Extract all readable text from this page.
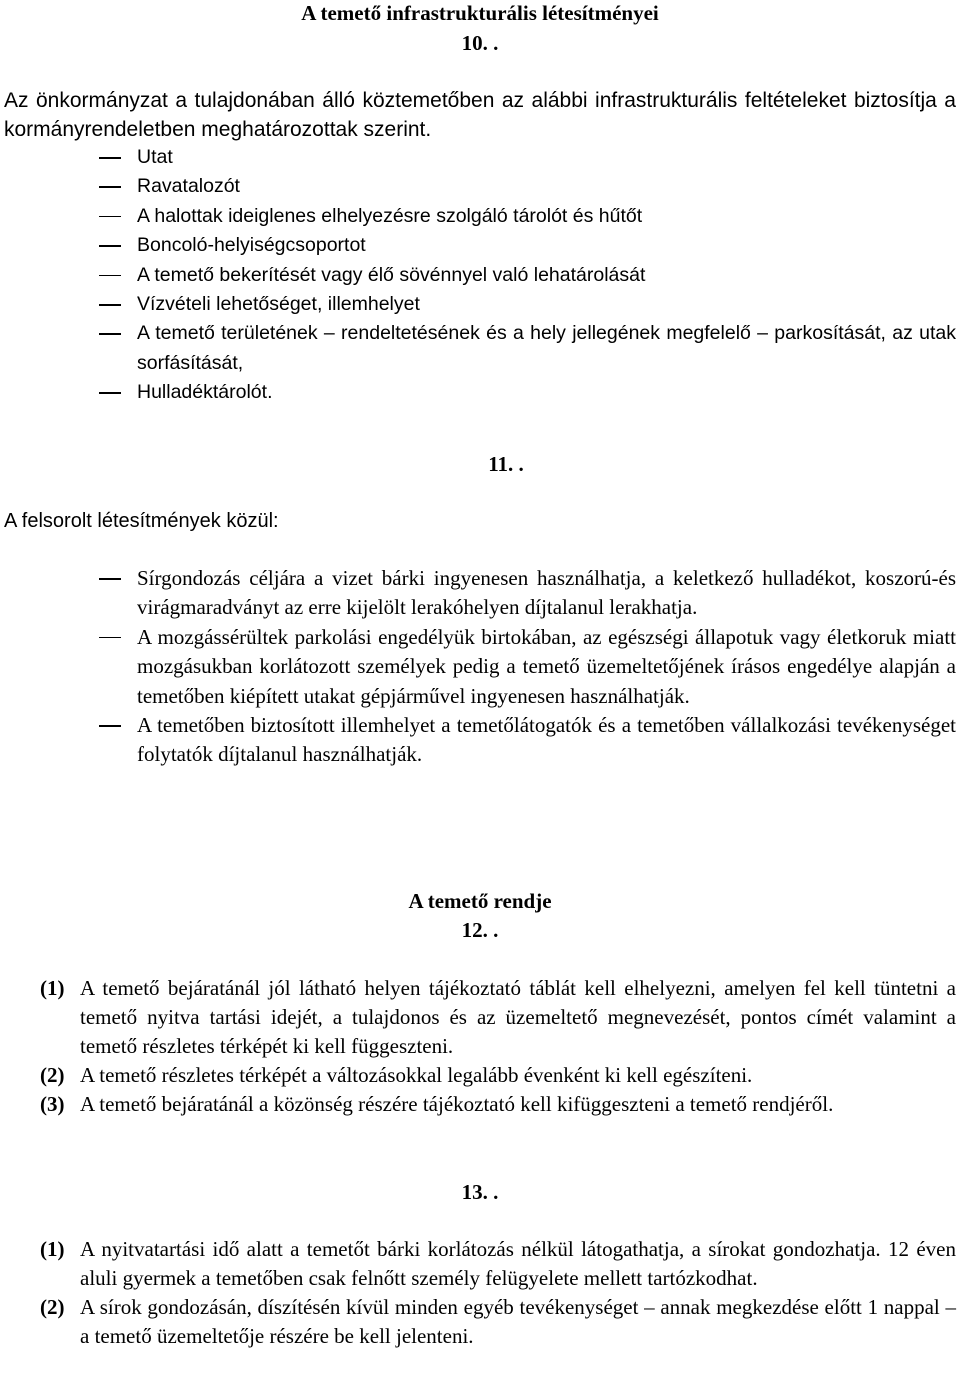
A temető infrastrukturális létesítményei
10. .

Az önkormányzat a tulajdonában álló köztemetőben az alábbi infrastrukturális feltételeket biztosítja a kormányrendeletben meghatározottak szerint.

Utat
Ravatalozót
A halottak ideiglenes elhelyezésre szolgáló tárolót és hűtőt
Boncoló-helyiségcsoportot
A temető bekerítését vagy élő sövénnyel való lehatárolását
Vízvételi lehetőséget, illemhelyet
A temető területének – rendeltetésének és a hely jellegének megfelelő – parkosítását, az utak sorfásítását,
Hulladéktárolót.
11. .

A felsorolt létesítmények közül:

Sírgondozás céljára a vizet bárki ingyenesen használhatja, a keletkező hulladékot, koszorú-és virágmaradványt az erre kijelölt lerakóhelyen díjtalanul lerakhatja.
A mozgássérültek parkolási engedélyük birtokában, az egészségi állapotuk vagy életkoruk miatt mozgásukban korlátozott személyek pedig a temető üzemeltetőjének írásos engedélye alapján a temetőben kiépített utakat gépjárművel ingyenesen használhatják.
A temetőben biztosított illemhelyet a temetőlátogatók és a temetőben vállalkozási tevékenységet folytatók díjtalanul használhatják.
A temető rendje
12. .
(1) A temető bejáratánál jól látható helyen tájékoztató táblát kell elhelyezni, amelyen fel kell tüntetni a temető nyitva tartási idejét, a tulajdonos és az üzemeltető megnevezését, pontos címét valamint a temető részletes térképét ki kell függeszteni.
(2) A temető részletes térképét a változásokkal legalább évenként ki kell egészíteni.
(3) A temető bejáratánál a közönség részére tájékoztató kell kifüggeszteni a temető rendjéről.
13. .
(1) A nyitvatartási idő alatt a temetőt bárki korlátozás nélkül látogathatja, a sírokat gondozhatja. 12 éven aluli gyermek a temetőben csak felnőtt személy felügyelete mellett tartózkodhat.
(2) A sírok gondozásán, díszítésén kívül minden egyéb tevékenységet – annak megkezdése előtt 1 nappal – a temető üzemeltetője részére be kell jelenteni.
